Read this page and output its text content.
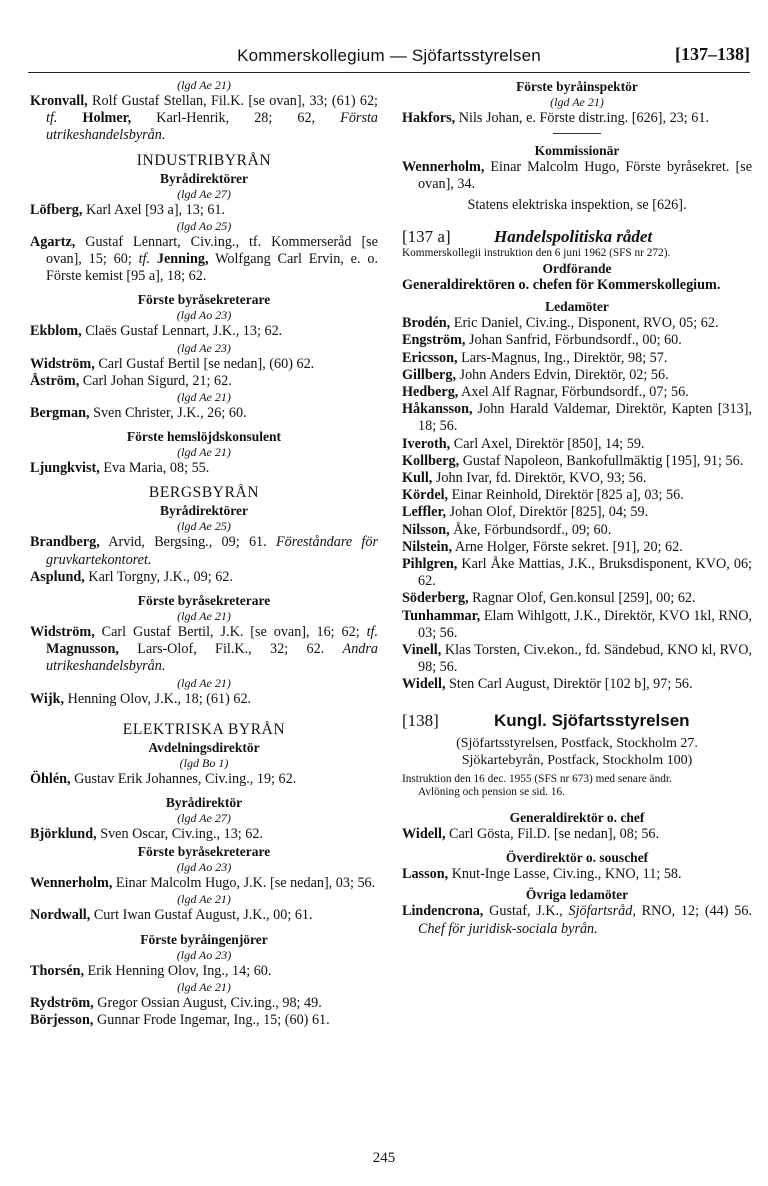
Kommerskollegium — Sjöfartsstyrelsen	[137–138]
(lgd Ae 21)
Kronvall, Rolf Gustaf Stellan, Fil.K. [se ovan], 33; (61) 62; tf. Holmer, Karl-Henrik, 28; 62, Första utrikeshandelsbyrån.
INDUSTRIBYRÅN
Byrådirektörer
(lgd Ae 27)
Löfberg, Karl Axel [93 a], 13; 61.
(lgd Ao 25)
Agartz, Gustaf Lennart, Civ.ing., tf. Kommerseråd [se ovan], 15; 60; tf. Jenning, Wolfgang Carl Ervin, e. o. Förste kemist [95 a], 18; 62.
Förste byråsekreterare
(lgd Ao 23)
Ekblom, Claës Gustaf Lennart, J.K., 13; 62.
(lgd Ae 23)
Widström, Carl Gustaf Bertil [se nedan], (60) 62.
Åström, Carl Johan Sigurd, 21; 62.
(lgd Ae 21)
Bergman, Sven Christer, J.K., 26; 60.
Förste hemslöjdskonsulent
(lgd Ae 21)
Ljungkvist, Eva Maria, 08; 55.
BERGSBYRÅN
Byrådirektörer
(lgd Ae 25)
Brandberg, Arvid, Bergsing., 09; 61. Föreståndare för gruvkartekontoret.
Asplund, Karl Torgny, J.K., 09; 62.
Förste byråsekreterare
(lgd Ae 21)
Widström, Carl Gustaf Bertil, J.K. [se ovan], 16; 62; tf. Magnusson, Lars-Olof, Fil.K., 32; 62. Andra utrikeshandelsbyrån.
(lgd Ae 21)
Wijk, Henning Olov, J.K., 18; (61) 62.
ELEKTRISKA BYRÅN
Avdelningsdirektör
(lgd Bo 1)
Öhlén, Gustav Erik Johannes, Civ.ing., 19; 62.
Byrådirektör
(lgd Ae 27)
Björklund, Sven Oscar, Civ.ing., 13; 62.
Förste byråsekreterare
(lgd Ao 23)
Wennerholm, Einar Malcolm Hugo, J.K. [se nedan], 03; 56.
(lgd Ae 21)
Nordwall, Curt Iwan Gustaf August, J.K., 00; 61.
Förste byråingenjörer
(lgd Ao 23)
Thorsén, Erik Henning Olov, Ing., 14; 60.
(lgd Ae 21)
Rydström, Gregor Ossian August, Civ.ing., 98; 49.
Börjesson, Gunnar Frode Ingemar, Ing., 15; (60) 61.
Förste byråinspektör
(lgd Ae 21)
Hakfors, Nils Johan, e. Förste distr.ing. [626], 23; 61.
Kommissionär
Wennerholm, Einar Malcolm Hugo, Förste byråsekret. [se ovan], 34.
Statens elektriska inspektion, se [626].
[137 a]	Handelspolitiska rådet
Kommerskollegii instruktion den 6 juni 1962 (SFS nr 272).
Ordförande
Generaldirektören o. chefen för Kommerskollegium.
Ledamöter
Brodén, Eric Daniel, Civ.ing., Disponent, RVO, 05; 62.
Engström, Johan Sanfrid, Förbundsordf., 00; 60.
Ericsson, Lars-Magnus, Ing., Direktör, 98; 57.
Gillberg, John Anders Edvin, Direktör, 02; 56.
Hedberg, Axel Alf Ragnar, Förbundsordf., 07; 56.
Håkansson, John Harald Valdemar, Direktör, Kapten [313], 18; 56.
Iveroth, Carl Axel, Direktör [850], 14; 59.
Kollberg, Gustaf Napoleon, Bankofullmäktig [195], 91; 56.
Kull, John Ivar, fd. Direktör, KVO, 93; 56.
Kördel, Einar Reinhold, Direktör [825 a], 03; 56.
Leffler, Johan Olof, Direktör [825], 04; 59.
Nilsson, Åke, Förbundsordf., 09; 60.
Nilstein, Arne Holger, Förste sekret. [91], 20; 62.
Pihlgren, Karl Åke Mattias, J.K., Bruksdisponent, KVO, 06; 62.
Söderberg, Ragnar Olof, Gen.konsul [259], 00; 62.
Tunhammar, Elam Wihlgott, J.K., Direktör, KVO 1kl, RNO, 03; 56.
Vinell, Klas Torsten, Civ.ekon., fd. Sändebud, KNO kl, RVO, 98; 56.
Widell, Sten Carl August, Direktör [102 b], 97; 56.
[138]	Kungl. Sjöfartsstyrelsen
(Sjöfartsstyrelsen, Postfack, Stockholm 27.
Sjökartebyrån, Postfack, Stockholm 100)
Instruktion den 16 dec. 1955 (SFS nr 673) med senare ändr.
Avlöning och pension se sid. 16.
Generaldirektör o. chef
Widell, Carl Gösta, Fil.D. [se nedan], 08; 56.
Överdirektör o. souschef
Lasson, Knut-Inge Lasse, Civ.ing., KNO, 11; 58.
Övriga ledamöter
Lindencrona, Gustaf, J.K., Sjöfartsråd, RNO, 12; (44) 56. Chef för juridisk-sociala byrån.
245
